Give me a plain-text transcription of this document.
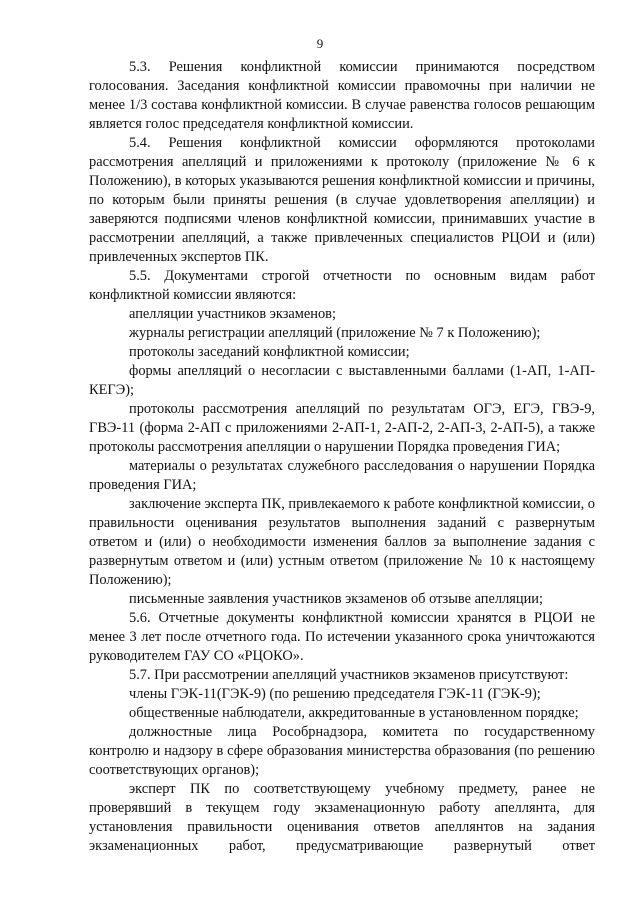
9

5.3. Решения конфликтной комиссии принимаются посредством голосования. Заседания конфликтной комиссии правомочны при наличии не менее 1/3 состава конфликтной комиссии. В случае равенства голосов решающим является голос председателя конфликтной комиссии.

5.4. Решения конфликтной комиссии оформляются протоколами рассмотрения апелляций и приложениями к протоколу (приложение № 6 к Положению), в которых указываются решения конфликтной комиссии и причины, по которым были приняты решения (в случае удовлетворения апелляции) и заверяются подписями членов конфликтной комиссии, принимавших участие в рассмотрении апелляций, а также привлеченных специалистов РЦОИ и (или) привлеченных экспертов ПК.

5.5. Документами строгой отчетности по основным видам работ конфликтной комиссии являются:

апелляции участников экзаменов;

журналы регистрации апелляций (приложение № 7 к Положению);

протоколы заседаний конфликтной комиссии;

формы апелляций о несогласии с выставленными баллами (1-АП, 1-АП-КЕГЭ);

протоколы рассмотрения апелляций по результатам ОГЭ, ЕГЭ, ГВЭ-9, ГВЭ-11 (форма 2-АП с приложениями 2-АП-1, 2-АП-2, 2-АП-3, 2-АП-5), а также протоколы рассмотрения апелляции о нарушении Порядка проведения ГИА;

материалы о результатах служебного расследования о нарушении Порядка проведения ГИА;

заключение эксперта ПК, привлекаемого к работе конфликтной комиссии, о правильности оценивания результатов выполнения заданий с развернутым ответом и (или) о необходимости изменения баллов за выполнение задания с развернутым ответом и (или) устным ответом (приложение № 10 к настоящему Положению);

письменные заявления участников экзаменов об отзыве апелляции;

5.6. Отчетные документы конфликтной комиссии хранятся в РЦОИ не менее 3 лет после отчетного года. По истечении указанного срока уничтожаются руководителем ГАУ СО «РЦОКО».

5.7. При рассмотрении апелляций участников экзаменов присутствуют:

члены ГЭК-11(ГЭК-9) (по решению председателя ГЭК-11 (ГЭК-9);

общественные наблюдатели, аккредитованные в установленном порядке;

должностные лица Рособрнадзора, комитета по государственному контролю и надзору в сфере образования министерства образования (по решению соответствующих органов);

эксперт ПК по соответствующему учебному предмету, ранее не проверявший в текущем году экзаменационную работу апеллянта, для установления правильности оценивания ответов апеллянтов на задания экзаменационных работ, предусматривающие развернутый ответ
